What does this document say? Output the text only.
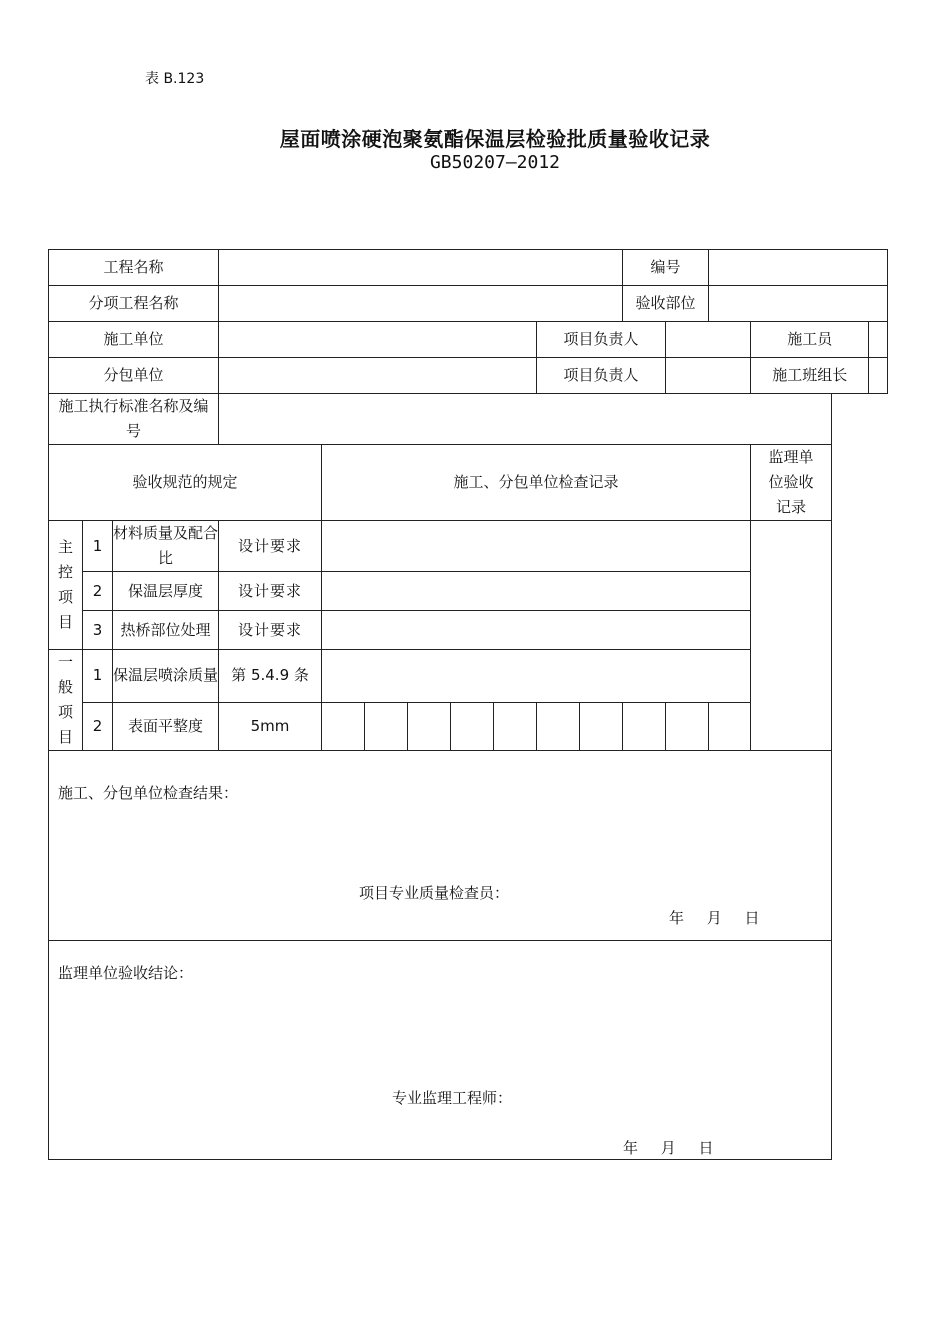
表 B.123
屋面喷涂硬泡聚氨酯保温层检验批质量验收记录
GB50207—2012
工程名称											编号				
分项工程名称											验收部位				
施工单位									项目负责人					施工员	
分包单位									项目负责人					施工班组长	
施工执行标准名称及编号															
验收规范的规定				施工、分包单位检查记录										监理单位验收记录	
主控项目	1	材料质量及配合比	设计要求												
	2	保温层厚度	设计要求												
	3	热桥部位处理	设计要求												
一般项目	1	保温层喷涂质量	第 5.4.9 条												
	2	表面平整度	5mm												

施工、分包单位检查结果：
项目专业质量检查员：
年 月 日															

监理单位验收结论：
专业监理工程师：
年 月 日															
